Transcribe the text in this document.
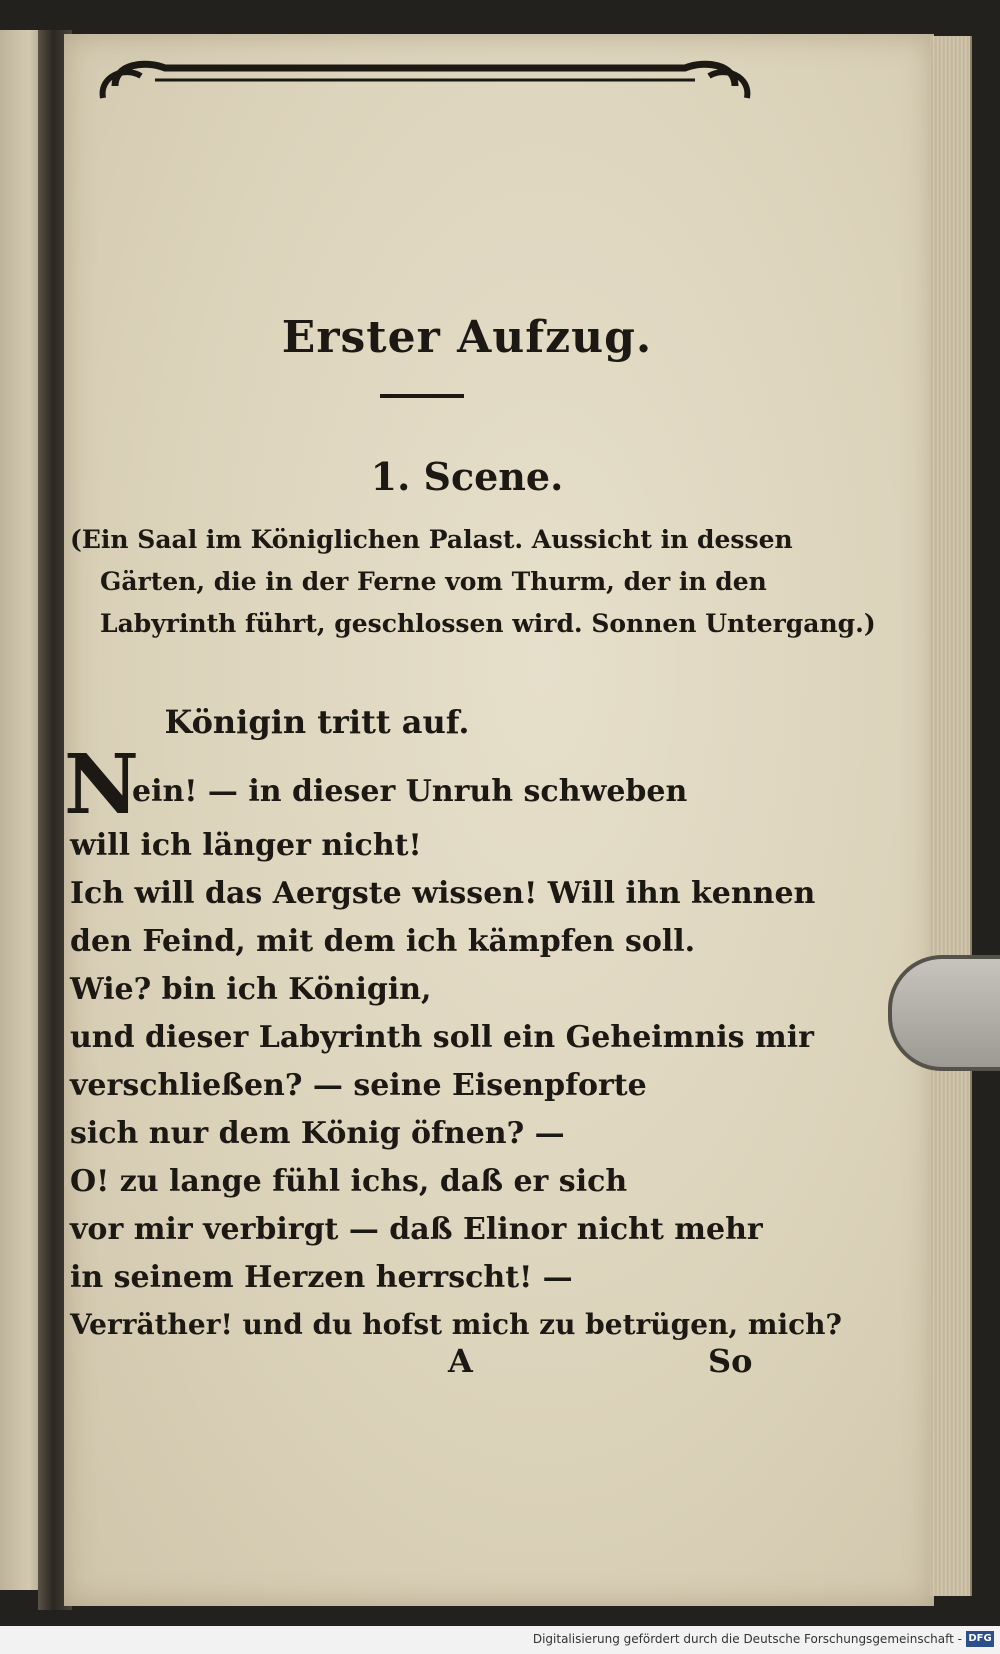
Erster Aufzug.
1. Scene.
(Ein Saal im Königlichen Palast. Aussicht in dessen
Gärten, die in der Ferne vom Thurm, der in den
Labyrinth führt, geschlossen wird. Sonnen Untergang.)
Königin tritt auf.
N
ein! — in dieser Unruh schweben
will ich länger nicht!
Ich will das Aergste wissen! Will ihn kennen
den Feind, mit dem ich kämpfen soll.
Wie? bin ich Königin,
und dieser Labyrinth soll ein Geheimnis mir
verschließen? — seine Eisenpforte
sich nur dem König öfnen? —
O! zu lange fühl ichs, daß er sich
vor mir verbirgt — daß Elinor nicht mehr
in seinem Herzen herrscht! —
Verräther! und du hofst mich zu betrügen, mich?
A	So
Digitalisierung gefördert durch die Deutsche Forschungsgemeinschaft - DFG
